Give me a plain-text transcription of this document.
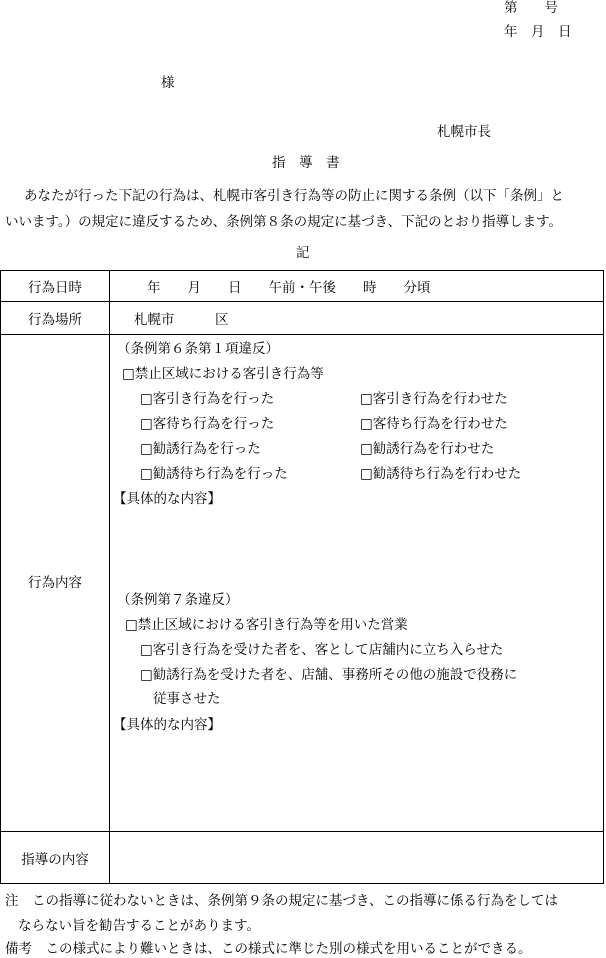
第　　号
年　月　日
様
札幌市長
指　導　書
あなたが行った下記の行為は、札幌市客引き行為等の防止に関する条例（以下「条例」と
いいます。）の規定に違反するため、条例第８条の規定に基づき、下記のとおり指導します。
記
行為日時	年　　月　　日　　午前・午後　　時　　分頃
行為場所	札幌市　　　区
行為内容
（条例第６条第１項違反）
□禁止区域における客引き行為等
□客引き行為を行った
□客待ち行為を行った
□勧誘行為を行った
□勧誘待ち行為を行った
□客引き行為を行わせた
□客待ち行為を行わせた
□勧誘行為を行わせた
□勧誘待ち行為を行わせた
【具体的な内容】
（条例第７条違反）
□禁止区域における客引き行為等を用いた営業
□客引き行為を受けた者を、客として店舗内に立ち入らせた
□勧誘行為を受けた者を、店舗、事務所その他の施設で役務に
従事させた
【具体的な内容】
指導の内容
注　この指導に従わないときは、条例第９条の規定に基づき、この指導に係る行為をしては
ならない旨を勧告することがあります。
備考　この様式により難いときは、この様式に準じた別の様式を用いることができる。
